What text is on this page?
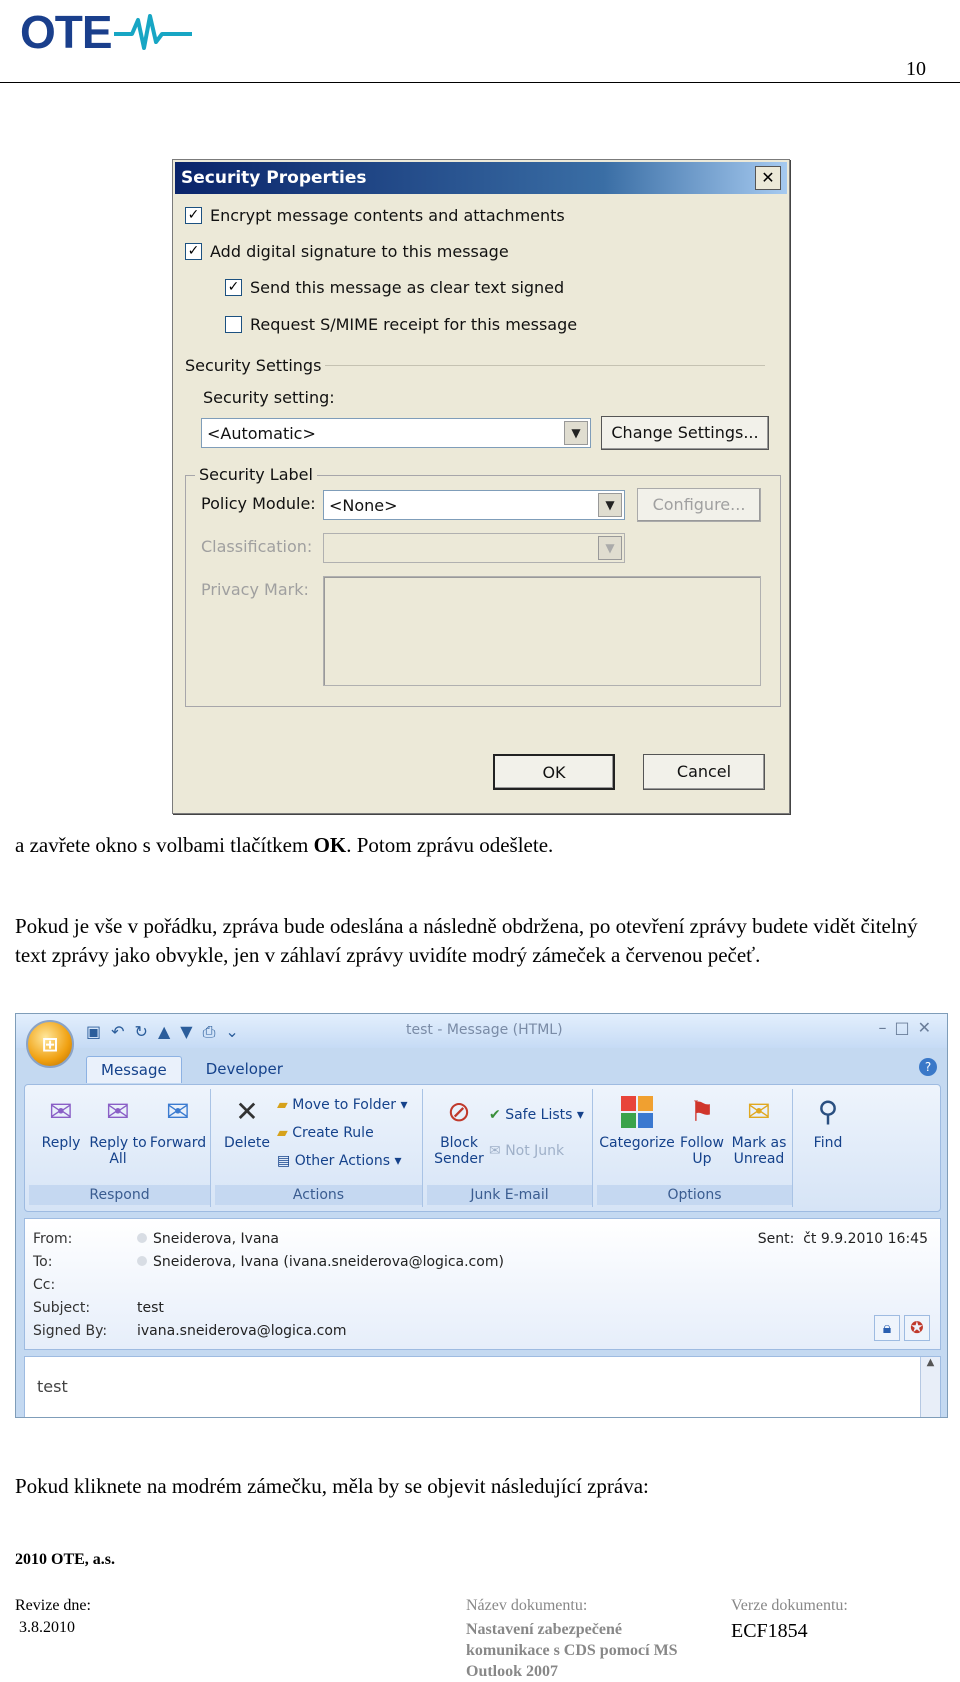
OTE
10
Security Properties	✕
✓ Encrypt message contents and attachments
✓ Add digital signature to this message
✓ Send this message as clear text signed
Request S/MIME receipt for this message
Security Settings
Security setting:
<Automatic>	▼	Change Settings...
Security Label
Policy Module: <None>	▼	Configure...
Classification:	▼
Privacy Mark:
OK	Cancel
a zavřete okno s volbami tlačítkem OK. Potom zprávu odešlete.
Pokud je vše v pořádku, zpráva bude odeslána a následně obdržena, po otevření zprávy budete vidět čitelný text zprávy jako obvykle, jen v záhlaví zprávy uvidíte modrý zámeček a červenou pečeť.
⊞
▣ ↶ ↻ ▲ ▼ ⎙ ⌄	test - Message (HTML)	–□✕
Message	Developer	?
✉
Reply
✉
Reply to All
✉
Forward
Respond
✕
Delete
▰ Move to Folder ▾
▰ Create Rule
▤ Other Actions ▾
Actions
⊘
Block Sender
✔ Safe Lists ▾
✉ Not Junk
Junk E-mail
Categorize
⚑
Follow Up
✉
Mark as Unread
Options
⚲
Find
From:	Sneiderova, Ivana
To:	Sneiderova, Ivana (ivana.sneiderova@logica.com)
Cc:
Subject:	test
Signed By: ivana.sneiderova@logica.com
Sent: čt 9.9.2010 16:45
🔒︎	✪
test
▲
Pokud kliknete na modrém zámečku, měla by se objevit následující zpráva:
2010 OTE, a.s.
Revize dne:
3.8.2010
Název dokumentu:
Nastavení zabezpečené komunikace s CDS pomocí MS Outlook 2007
Verze dokumentu:
ECF1854
